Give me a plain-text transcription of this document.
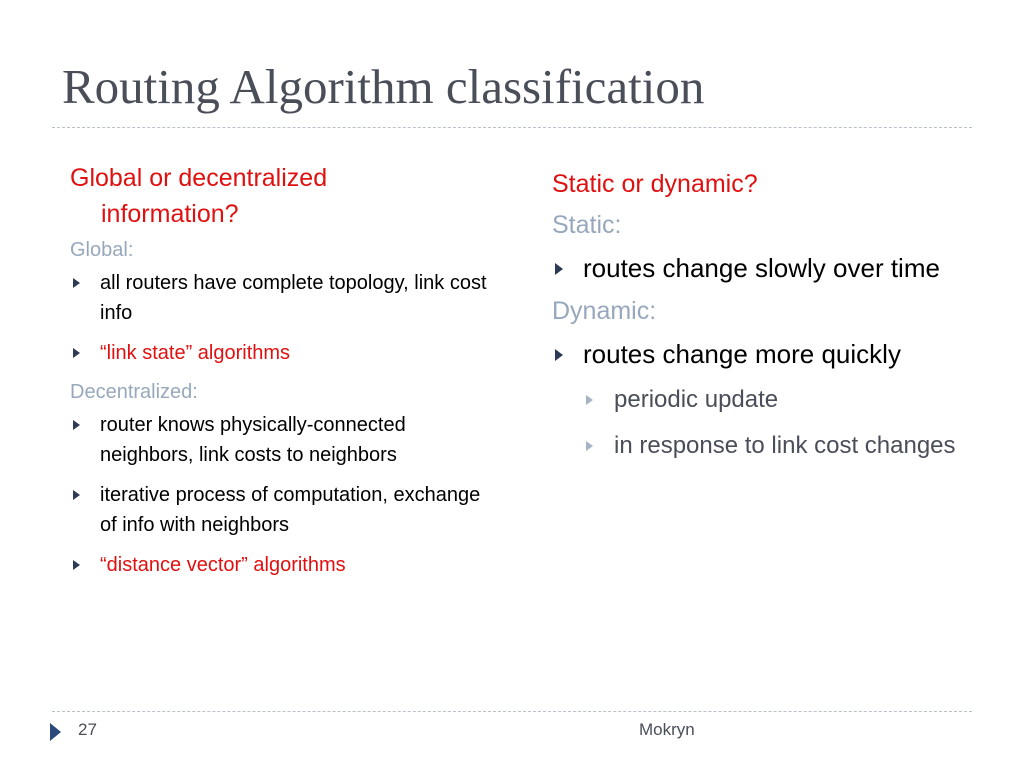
Routing Algorithm classification
Global or decentralized
information?
Global:
all routers have complete topology, link cost info
“link state” algorithms
Decentralized:
router knows physically-connected neighbors, link costs to neighbors
iterative process of computation, exchange of info with neighbors
“distance vector” algorithms
Static or dynamic?
Static:
routes change slowly over time
Dynamic:
routes change more quickly
periodic update
in response to link cost changes
27	Mokryn
